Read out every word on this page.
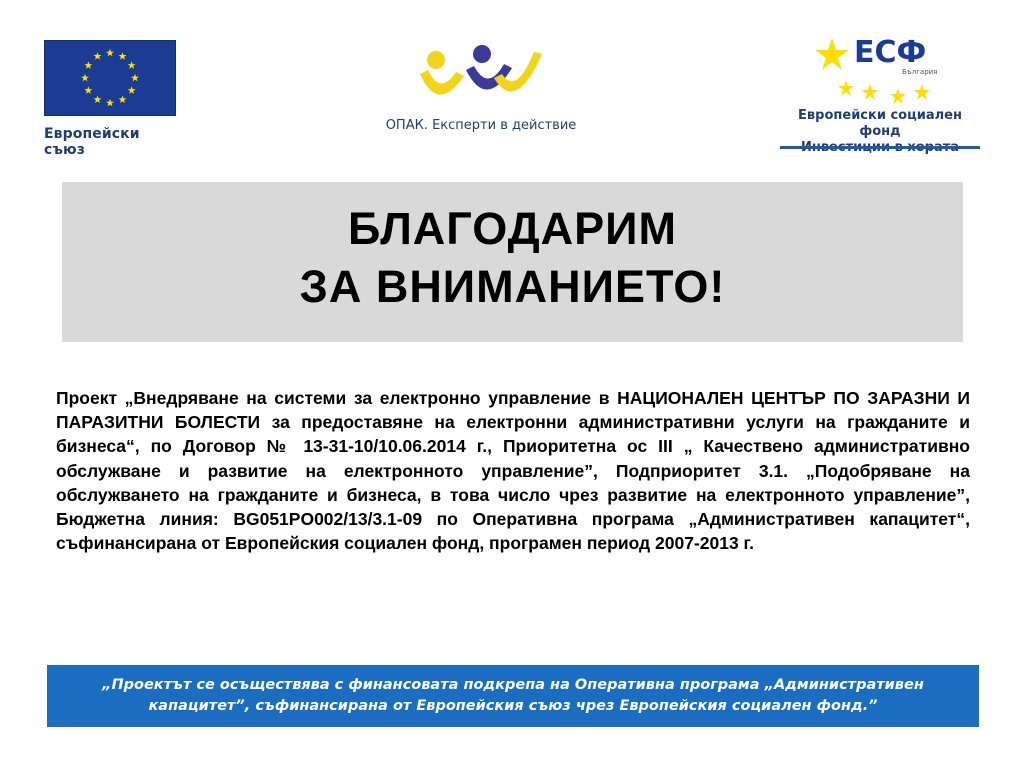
Европейски съюз
ОПАК. Експерти в действие
ЕСФ
България
Европейски социален фонд
БЛАГОДАРИМ
ЗА ВНИМАНИЕТО!
Проект „Внедряване на системи за електронно управление в НАЦИОНАЛЕН ЦЕНТЪР ПО ЗАРАЗНИ И ПАРАЗИТНИ БОЛЕСТИ за предоставяне на електронни административни услуги на гражданите и бизнеса“, по Договор № 13-31-10/10.06.2014 г., Приоритетна ос III „ Качествено административно обслужване и развитие на електронното управление”, Подприоритет 3.1. „Подобряване на обслужването на гражданите и бизнеса, в това число чрез развитие на електронното управление”, Бюджетна линия: BG051PO002/13/3.1-09 по Оперативна програма „Административен капацитет“, съфинансирана от Европейския социален фонд, програмен период 2007-2013 г.
„Проектът се осъществява с финансовата подкрепа на Оперативна програма „Административен
капацитет”, съфинансирана от Европейския съюз чрез Европейския социален фонд.”
